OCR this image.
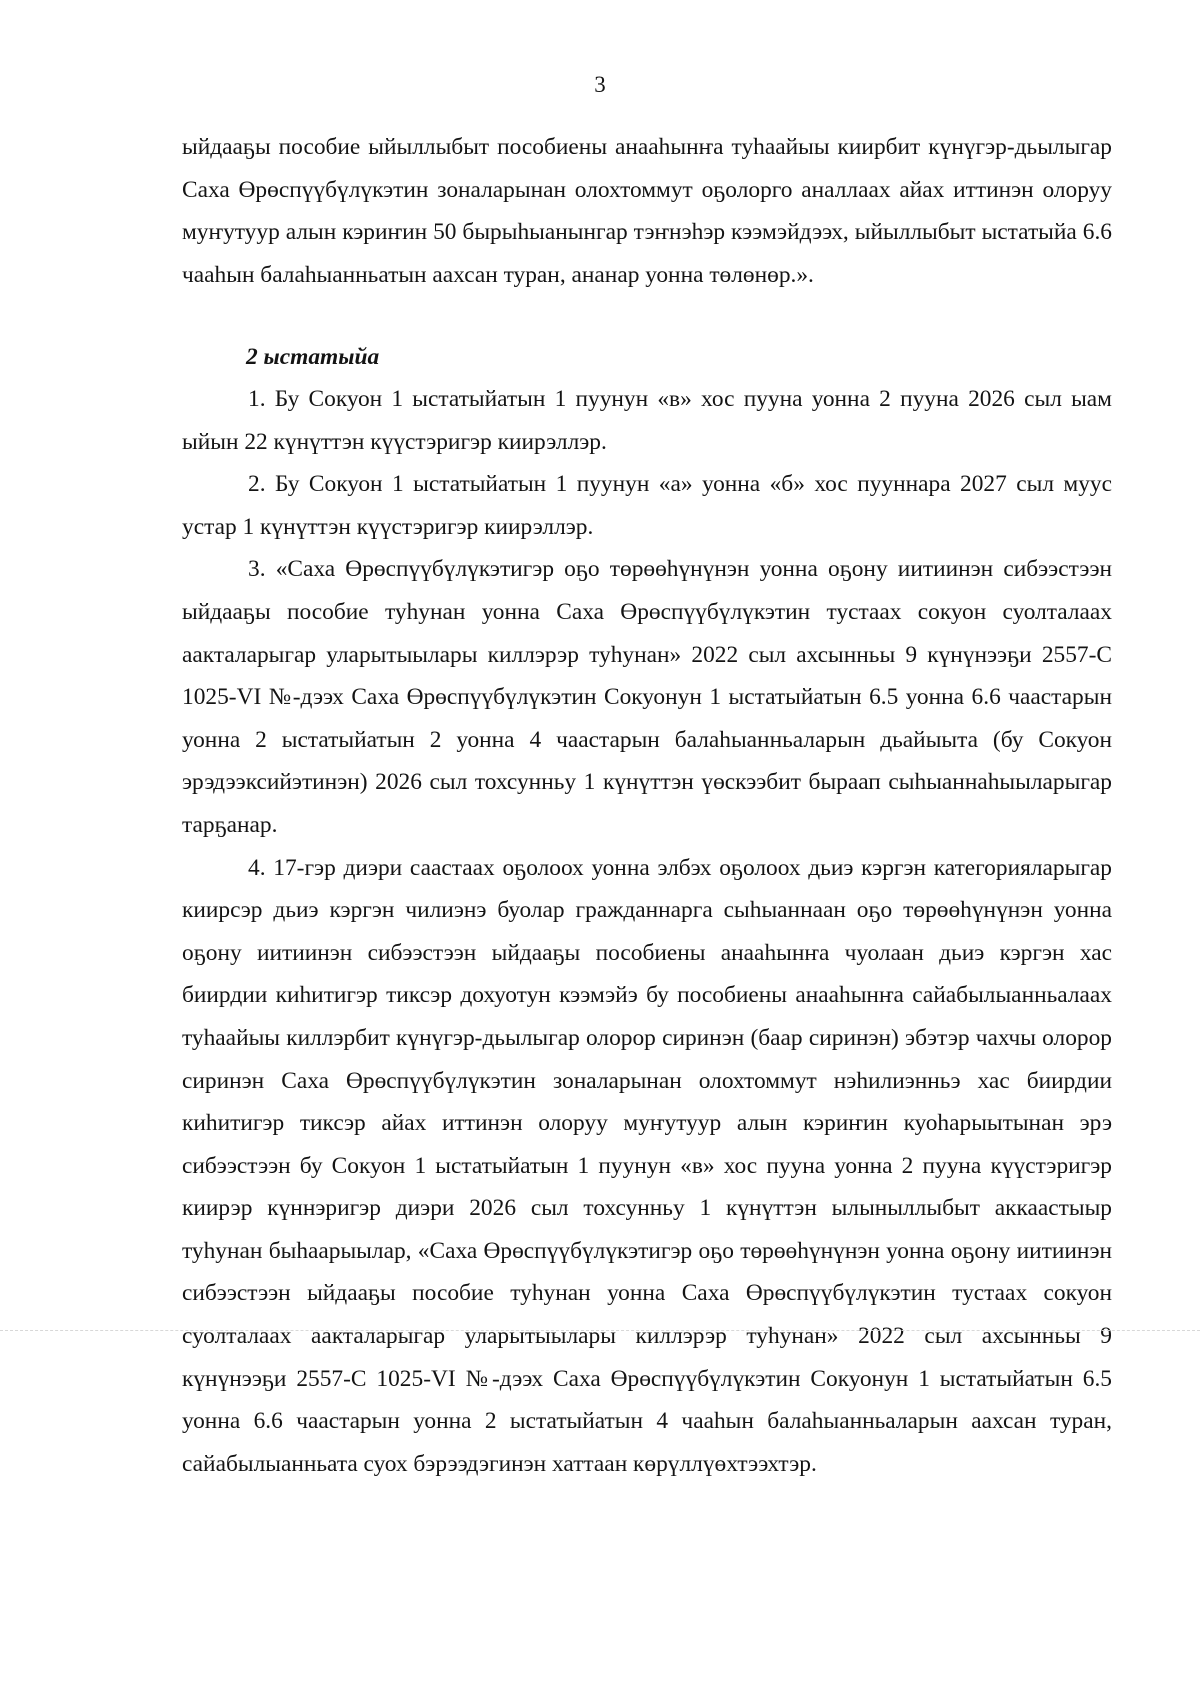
3

ыйдааҕы пособие ыйыллыбыт пособиены анааһынҥа туһаайыы киирбит күнүгэр-дьылыгар Саха Өрөспүүбүлүкэтин зоналарынан олохтоммут оҕолорго аналлаах айах иттинэн олоруу муҥутуур алын кэриҥин 50 бырыһыанынгар тэҥнэһэр кээмэйдээх, ыйыллыбыт ыстатыйа 6.6 чааһын балаһыанньатын аахсан туран, ананар уонна төлөнөр.».

2 ыстатыйа

1. Бу Сокуон 1 ыстатыйатын 1 пуунун «в» хос пууна уонна 2 пууна 2026 сыл ыам ыйын 22 күнүттэн күүстэригэр киирэллэр.

2. Бу Сокуон 1 ыстатыйатын 1 пуунун «а» уонна «б» хос пууннара 2027 сыл муус устар 1 күнүттэн күүстэригэр киирэллэр.

3. «Саха Өрөспүүбүлүкэтигэр оҕо төрөөһүнүнэн уонна оҕону иитиинэн сибээстээн ыйдааҕы пособие туһунан уонна Саха Өрөспүүбүлүкэтин тустаах сокуон суолталаах аакталарыгар уларытыылары киллэрэр туһунан» 2022 сыл ахсынньы 9 күнүнээҕи 2557-С 1025-VI №-дээх Саха Өрөспүүбүлүкэтин Сокуонун 1 ыстатыйатын 6.5 уонна 6.6 чаастарын уонна 2 ыстатыйатын 2 уонна 4 чаастарын балаһыанньаларын дьайыыта (бу Сокуон эрэдээксийэтинэн) 2026 сыл тохсунньу 1 күнүттэн үөскээбит быраап сыһыаннаһыыларыгар тарҕанар.

4. 17-гэр диэри саастаах оҕолоох уонна элбэх оҕолоох дьиэ кэргэн категорияларыгар киирсэр дьиэ кэргэн чилиэнэ буолар гражданнарга сыһыаннаан оҕо төрөөһүнүнэн уонна оҕону иитиинэн сибээстээн ыйдааҕы пособиены анааһынҥа чуолаан дьиэ кэргэн хас биирдии киһитигэр тиксэр дохуотун кээмэйэ бу пособиены анааһынҥа сайабылыанньалаах туһаайыы киллэрбит күнүгэр-дьылыгар олорор сиринэн (баар сиринэн) эбэтэр чахчы олорор сиринэн Саха Өрөспүүбүлүкэтин зоналарынан олохтоммут нэһилиэнньэ хас биирдии киһитигэр тиксэр айах иттинэн олоруу муҥутуур алын кэриҥин куоһарыытынан эрэ сибээстээн бу Сокуон 1 ыстатыйатын 1 пуунун «в» хос пууна уонна 2 пууна күүстэригэр киирэр күннэригэр диэри 2026 сыл тохсунньу 1 күнүттэн ылыныллыбыт аккаастыыр туһунан быһаарыылар, «Саха Өрөспүүбүлүкэтигэр оҕо төрөөһүнүнэн уонна оҕону иитиинэн сибээстээн ыйдааҕы пособие туһунан уонна Саха Өрөспүүбүлүкэтин тустаах сокуон суолталаах аакталарыгар уларытыылары киллэрэр туһунан» 2022 сыл ахсынньы 9 күнүнээҕи 2557-С 1025-VI №-дээх Саха Өрөспүүбүлүкэтин Сокуонун 1 ыстатыйатын 6.5 уонна 6.6 чаастарын уонна 2 ыстатыйатын 4 чааһын балаһыанньаларын аахсан туран, сайабылыанньата суох бэрээдэгинэн хаттаан көрүллүөхтээхтэр.
